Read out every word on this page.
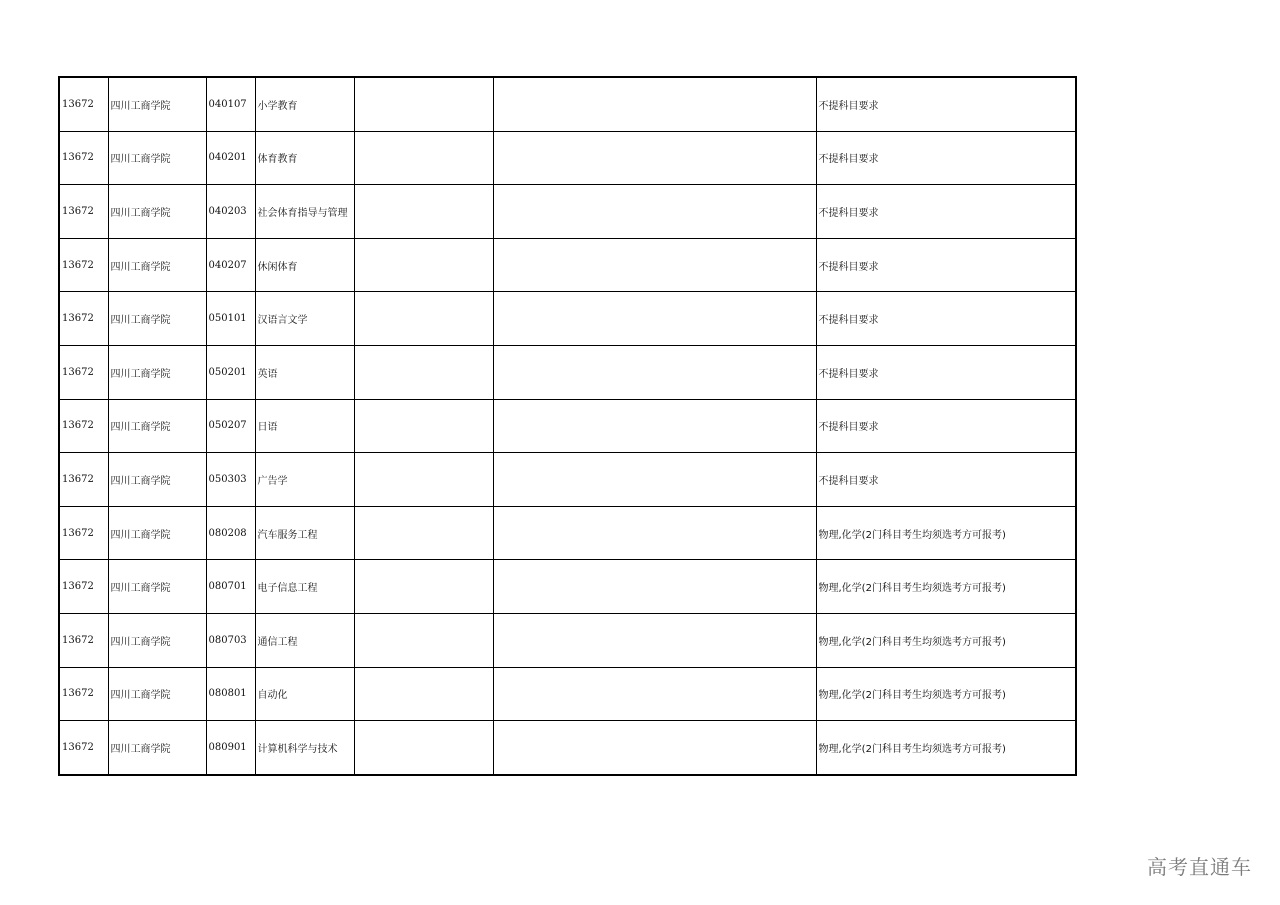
13672	四川工商学院	040107	小学教育			不提科目要求
13672	四川工商学院	040201	体育教育			不提科目要求
13672	四川工商学院	040203	社会体育指导与管理			不提科目要求
13672	四川工商学院	040207	休闲体育			不提科目要求
13672	四川工商学院	050101	汉语言文学			不提科目要求
13672	四川工商学院	050201	英语			不提科目要求
13672	四川工商学院	050207	日语			不提科目要求
13672	四川工商学院	050303	广告学			不提科目要求
13672	四川工商学院	080208	汽车服务工程			物理,化学(2门科目考生均须选考方可报考)
13672	四川工商学院	080701	电子信息工程			物理,化学(2门科目考生均须选考方可报考)
13672	四川工商学院	080703	通信工程			物理,化学(2门科目考生均须选考方可报考)
13672	四川工商学院	080801	自动化			物理,化学(2门科目考生均须选考方可报考)
13672	四川工商学院	080901	计算机科学与技术			物理,化学(2门科目考生均须选考方可报考)
高考直通车
